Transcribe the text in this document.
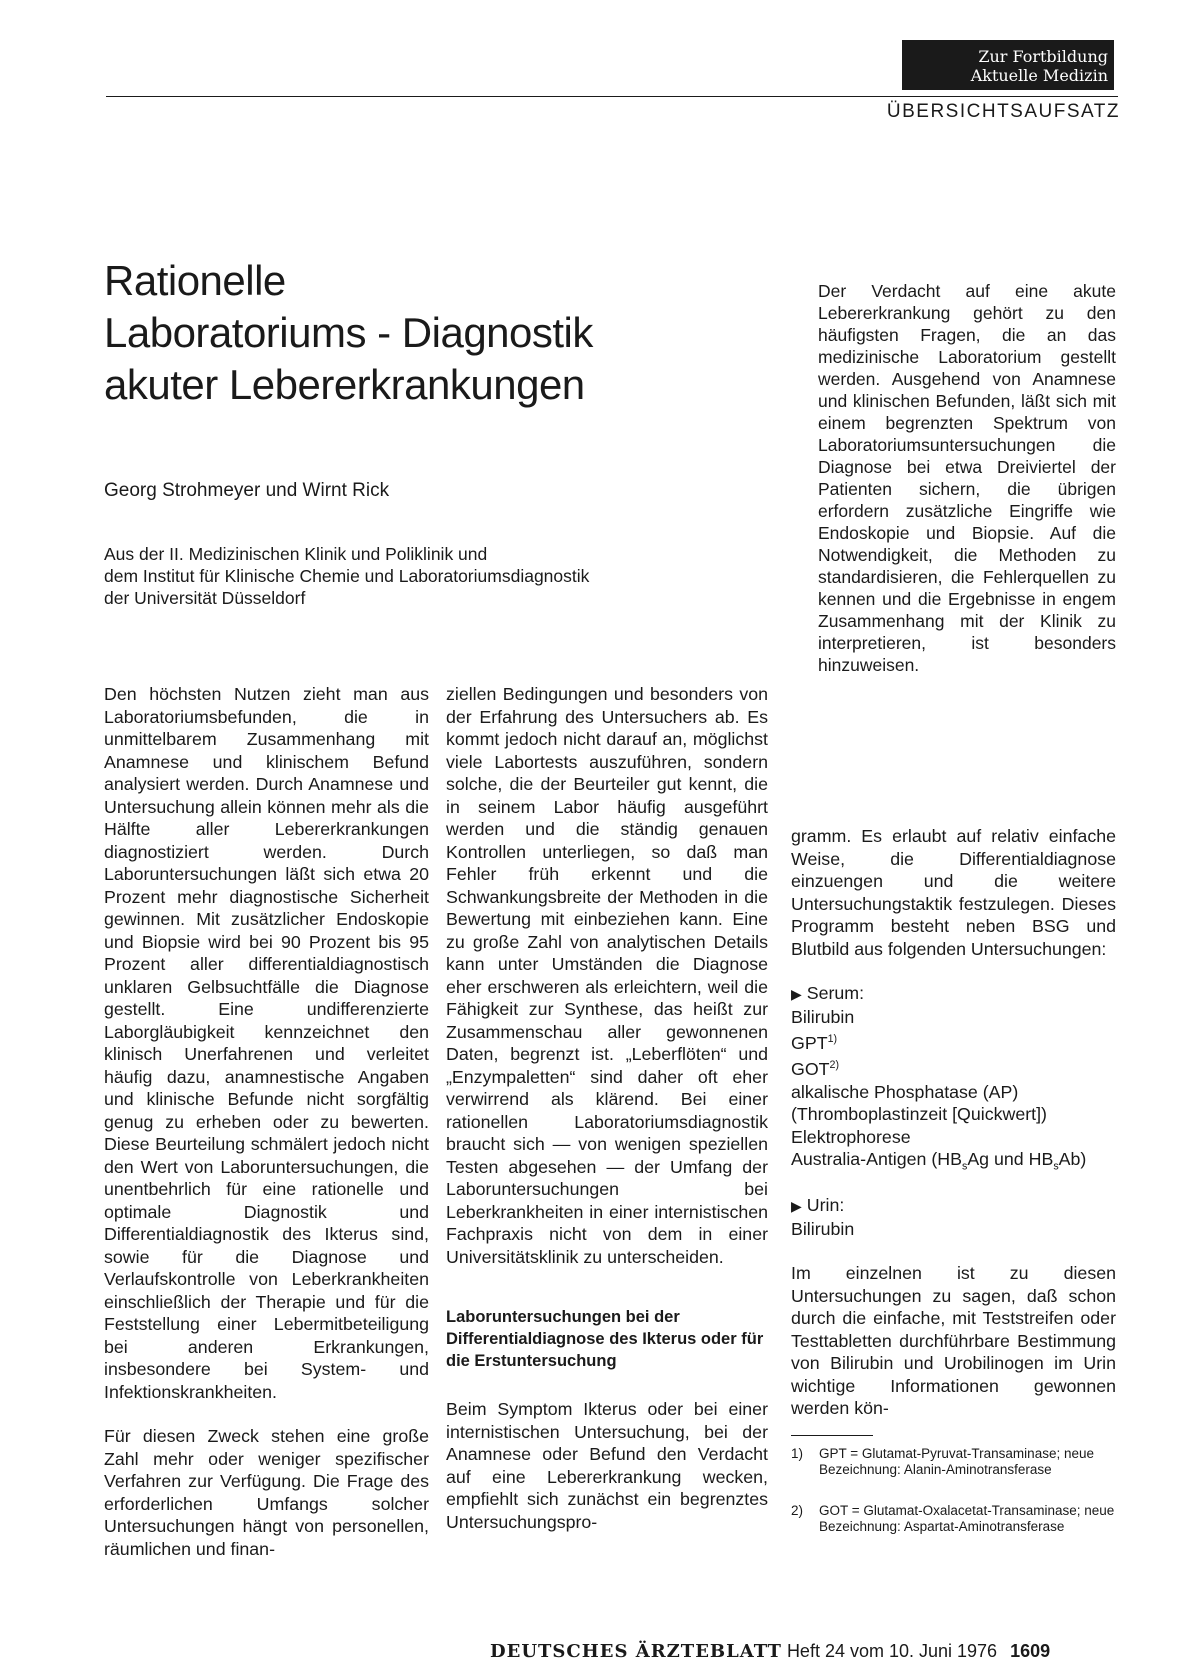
Zur Fortbildung
Aktuelle Medizin
ÜBERSICHTSAUFSATZ
Rationelle
Laboratoriums - Diagnostik
akuter Lebererkrankungen
Georg Strohmeyer und Wirnt Rick
Aus der II. Medizinischen Klinik und Poliklinik und
dem Institut für Klinische Chemie und Laboratoriumsdiagnostik
der Universität Düsseldorf

Den höchsten Nutzen zieht man aus Laboratoriumsbefunden, die in unmittelbarem Zusammenhang mit Anamnese und klinischem Befund analysiert werden. Durch Anamnese und Untersuchung allein können mehr als die Hälfte aller Lebererkrankungen diagnostiziert werden. Durch Laboruntersuchungen läßt sich etwa 20 Prozent mehr diagnostische Sicherheit gewinnen. Mit zusätzlicher Endoskopie und Biopsie wird bei 90 Prozent bis 95 Prozent aller differentialdiagnostisch unklaren Gelbsuchtfälle die Diagnose gestellt. Eine undifferenzierte Laborgläubigkeit kennzeichnet den klinisch Unerfahrenen und verleitet häufig dazu, anamnestische Angaben und klinische Befunde nicht sorgfältig genug zu erheben oder zu bewerten. Diese Beurteilung schmälert jedoch nicht den Wert von Laboruntersuchungen, die unentbehrlich für eine rationelle und optimale Diagnostik und Differentialdiagnostik des Ikterus sind, sowie für die Diagnose und Verlaufskontrolle von Leberkrankheiten einschließlich der Therapie und für die Feststellung einer Lebermitbeteiligung bei anderen Erkrankungen, insbesondere bei System- und Infektionskrankheiten.

Für diesen Zweck stehen eine große Zahl mehr oder weniger spezifischer Verfahren zur Verfügung. Die Frage des erforderlichen Umfangs solcher Untersuchungen hängt von personellen, räumlichen und finan-

ziellen Bedingungen und besonders von der Erfahrung des Untersuchers ab. Es kommt jedoch nicht darauf an, möglichst viele Labortests auszuführen, sondern solche, die der Beurteiler gut kennt, die in seinem Labor häufig ausgeführt werden und die ständig genauen Kontrollen unterliegen, so daß man Fehler früh erkennt und die Schwankungsbreite der Methoden in die Bewertung mit einbeziehen kann. Eine zu große Zahl von analytischen Details kann unter Umständen die Diagnose eher erschweren als erleichtern, weil die Fähigkeit zur Synthese, das heißt zur Zusammenschau aller gewonnenen Daten, begrenzt ist. „Leberflöten“ und „Enzympaletten“ sind daher oft eher verwirrend als klärend. Bei einer rationellen Laboratoriumsdiagnostik braucht sich — von wenigen speziellen Testen abgesehen — der Umfang der Laboruntersuchungen bei Leberkrankheiten in einer internistischen Fachpraxis nicht von dem in einer Universitätsklinik zu unterscheiden.

Laboruntersuchungen bei der Differentialdiagnose des Ikterus oder für die Erstuntersuchung

Beim Symptom Ikterus oder bei einer internistischen Untersuchung, bei der Anamnese oder Befund den Verdacht auf eine Lebererkrankung wecken, empfiehlt sich zunächst ein begrenztes Untersuchungspro-

Der Verdacht auf eine akute Lebererkrankung gehört zu den häufigsten Fragen, die an das medizinische Laboratorium gestellt werden. Ausgehend von Anamnese und klinischen Befunden, läßt sich mit einem begrenzten Spektrum von Laboratoriumsuntersuchungen die Diagnose bei etwa Dreiviertel der Patienten sichern, die übrigen erfordern zusätzliche Eingriffe wie Endoskopie und Biopsie. Auf die Notwendigkeit, die Methoden zu standardisieren, die Fehlerquellen zu kennen und die Ergebnisse in engem Zusammenhang mit der Klinik zu interpretieren, ist besonders hinzuweisen.

gramm. Es erlaubt auf relativ einfache Weise, die Differentialdiagnose einzuengen und die weitere Untersuchungstaktik festzulegen. Dieses Programm besteht neben BSG und Blutbild aus folgenden Untersuchungen:

▶ Serum:
Bilirubin
GPT$^{1)}$
GOT$^{2)}$
alkalische Phosphatase (AP)
(Thromboplastinzeit [Quickwert])
Elektrophorese
Australia-Antigen ($HB_sAg$ und $HB_sAb$)
▶ Urin:
Bilirubin

Im einzelnen ist zu diesen Untersuchungen zu sagen, daß schon durch die einfache, mit Teststreifen oder Testtabletten durchführbare Bestimmung von Bilirubin und Urobilinogen im Urin wichtige Informationen gewonnen werden kön-

1) GPT = Glutamat-Pyruvat-Transaminase; neue Bezeichnung: Alanin-Aminotransferase
2) GOT = Glutamat-Oxalacetat-Transaminase; neue Bezeichnung: Aspartat-Aminotransferase
DEUTSCHES ÄRZTEBLATT Heft 24 vom 10. Juni 1976 1609
